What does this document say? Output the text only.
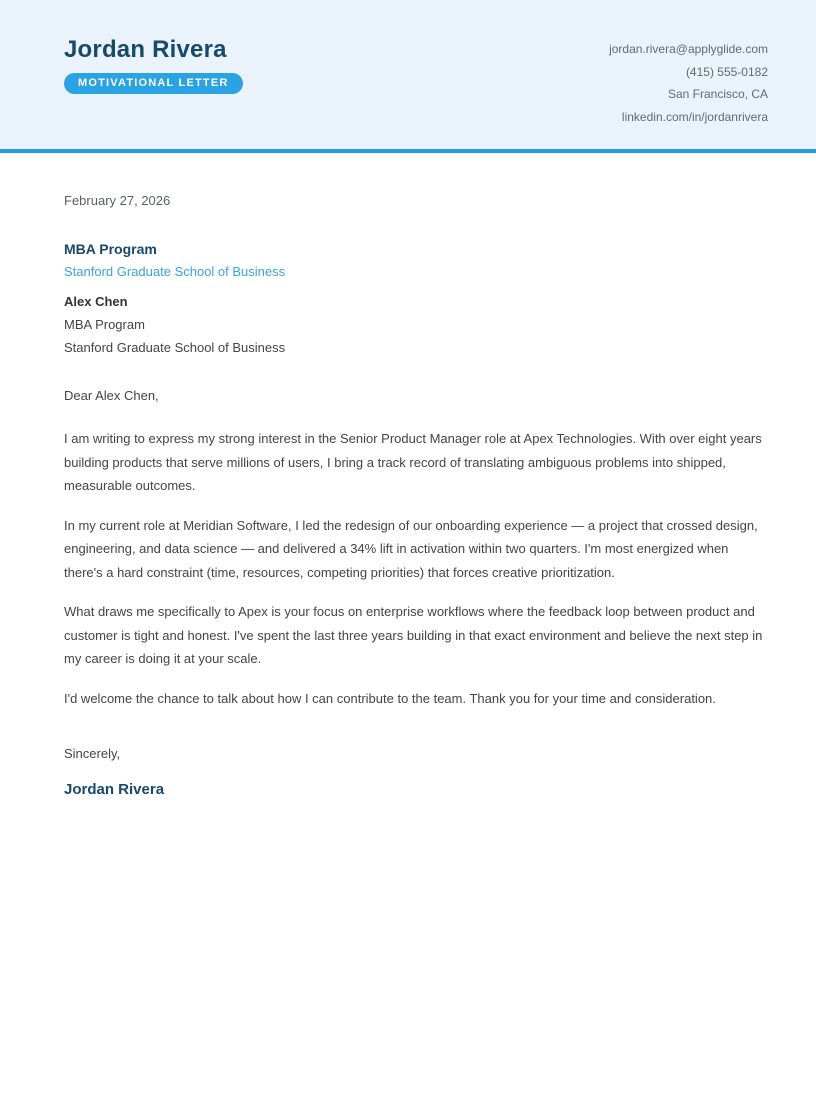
Jordan Rivera
MOTIVATIONAL LETTER
jordan.rivera@applyglide.com
(415) 555-0182
San Francisco, CA
linkedin.com/in/jordanrivera

February 27, 2026

MBA Program

Stanford Graduate School of Business

Alex Chen

MBA Program

Stanford Graduate School of Business

Dear Alex Chen,

I am writing to express my strong interest in the Senior Product Manager role at Apex Technologies. With over eight years building products that serve millions of users, I bring a track record of translating ambiguous problems into shipped, measurable outcomes.

In my current role at Meridian Software, I led the redesign of our onboarding experience — a project that crossed design, engineering, and data science — and delivered a 34% lift in activation within two quarters. I'm most energized when there's a hard constraint (time, resources, competing priorities) that forces creative prioritization.

What draws me specifically to Apex is your focus on enterprise workflows where the feedback loop between product and customer is tight and honest. I've spent the last three years building in that exact environment and believe the next step in my career is doing it at your scale.

I'd welcome the chance to talk about how I can contribute to the team. Thank you for your time and consideration.

Sincerely,

Jordan Rivera
